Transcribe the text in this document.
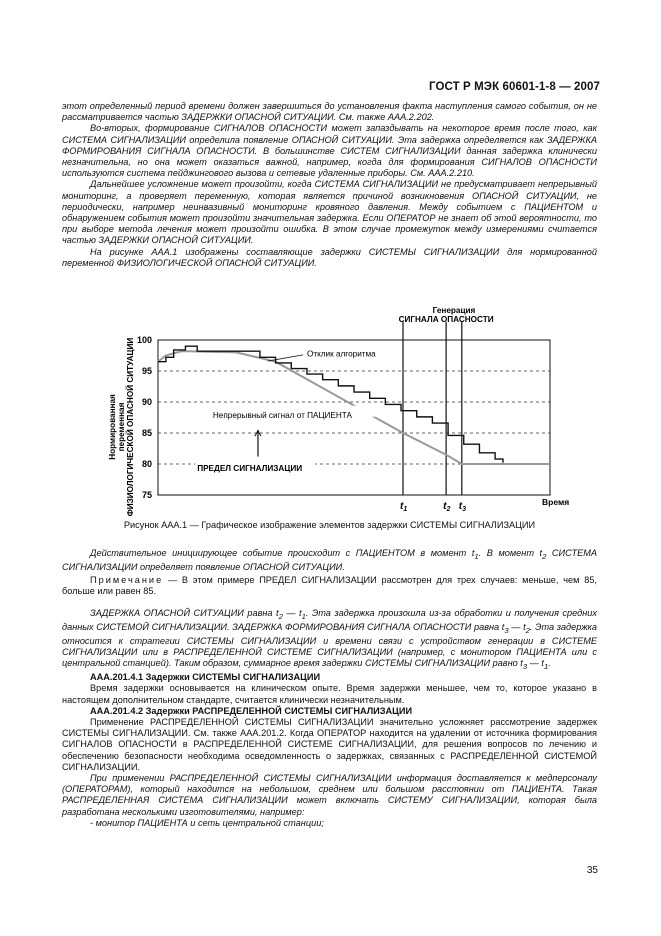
ГОСТ Р МЭК 60601-1-8 — 2007

этот определенный период времени должен завершиться до установления факта наступления самого события, он не рассматривается частью ЗАДЕРЖКИ ОПАСНОЙ СИТУАЦИИ. См. также ААА.2.202.

Во-вторых, формирование СИГНАЛОВ ОПАСНОСТИ может запаздывать на некоторое время после того, как СИСТЕМА СИГНАЛИЗАЦИИ определила появление ОПАСНОЙ СИТУАЦИИ. Эта задержка определяется как ЗАДЕРЖКА ФОРМИРОВАНИЯ СИГНАЛА ОПАСНОСТИ. В большинстве СИСТЕМ СИГНАЛИЗАЦИИ данная задержка клинически незначительна, но она может оказаться важной, например, когда для формирования СИГНАЛОВ ОПАСНОСТИ используются система пейджингового вызова и сетевые удаленные приборы. См. ААА.2.210.

Дальнейшее усложнение может произойти, когда СИСТЕМА СИГНАЛИЗАЦИИ не предусматривает непрерывный мониторинг, а проверяет переменную, которая является причиной возникновения ОПАСНОЙ СИТУАЦИИ, не периодически, например неинвазивный мониторинг кровяного давления. Между событием с ПАЦИЕНТОМ и обнаружением события может произойти значительная задержка. Если ОПЕРАТОР не знает об этой вероятности, то при выборе метода лечения может произойти ошибка. В этом случае промежуток между измерениями считается частью ЗАДЕРЖКИ ОПАСНОЙ СИТУАЦИИ.

На рисунке ААА.1 изображены составляющие задержки СИСТЕМЫ СИГНАЛИЗАЦИИ для нормированной переменной ФИЗИОЛОГИЧЕСКОЙ ОПАСНОЙ СИТУАЦИИ.

Нормированная переменная ФИЗИОЛОГИЧЕСКОЙ ОПАСНОЙ СИТУАЦИИ 75
80
85
90
95
100
$t_1$	$t_2$ $t_3$
Время
Отклик алгоритма
Непрерывный сигнал от ПАЦИЕНТА
ПРЕДЕЛ СИГНАЛИЗАЦИИ
Генерация
СИГНАЛА ОПАСНОСТИ
Рисунок ААА.1 — Графическое изображение элементов задержки СИСТЕМЫ СИГНАЛИЗАЦИИ

Действительное инициирующее событие происходит с ПАЦИЕНТОМ в момент $t_1$. В момент $t_2$ СИСТЕМА СИГНАЛИЗАЦИИ определяет появление ОПАСНОЙ СИТУАЦИИ.

Примечание — В этом примере ПРЕДЕЛ СИГНАЛИЗАЦИИ рассмотрен для трех случаев: меньше, чем 85, больше или равен 85.

ЗАДЕРЖКА ОПАСНОЙ СИТУАЦИИ равна $t_2$ — $t_1$. Эта задержка произошла из-за обработки и получения средних данных СИСТЕМОЙ СИГНАЛИЗАЦИИ. ЗАДЕРЖКА ФОРМИРОВАНИЯ СИГНАЛА ОПАСНОСТИ равна $t_3$ — $t_2$. Эта задержка относится к стратегии СИСТЕМЫ СИГНАЛИЗАЦИИ и времени связи с устройством генерации в СИСТЕМЕ СИГНАЛИЗАЦИИ или в РАСПРЕДЕЛЕННОЙ СИСТЕМЕ СИГНАЛИЗАЦИИ (например, с монитором ПАЦИЕНТА или с центральной станцией). Таким образом, суммарное время задержки СИСТЕМЫ СИГНАЛИЗАЦИИ равно $t_3$ — $t_1$.

ААА.201.4.1 Задержки СИСТЕМЫ СИГНАЛИЗАЦИИ

Время задержки основывается на клиническом опыте. Время задержки меньшее, чем то, которое указано в настоящем дополнительном стандарте, считается клинически незначительным.

ААА.201.4.2 Задержки РАСПРЕДЕЛЕННОЙ СИСТЕМЫ СИГНАЛИЗАЦИИ

Применение РАСПРЕДЕЛЕННОЙ СИСТЕМЫ СИГНАЛИЗАЦИИ значительно усложняет рассмотрение задержек СИСТЕМЫ СИГНАЛИЗАЦИИ. См. также ААА.201.2. Когда ОПЕРАТОР находится на удалении от источника формирования СИГНАЛОВ ОПАСНОСТИ в РАСПРЕДЕЛЕННОЙ СИСТЕМЕ СИГНАЛИЗАЦИИ, для решения вопросов по лечению и обеспечению безопасности необходима осведомленность о задержках, связанных с РАСПРЕДЕЛЕННОЙ СИСТЕМОЙ СИГНАЛИЗАЦИИ.

При применении РАСПРЕДЕЛЕННОЙ СИСТЕМЫ СИГНАЛИЗАЦИИ информация доставляется к медперсоналу (ОПЕРАТОРАМ), который находится на небольшом, среднем или большом расстоянии от ПАЦИЕНТА. Такая РАСПРЕДЕЛЕННАЯ СИСТЕМА СИГНАЛИЗАЦИИ может включать СИСТЕМУ СИГНАЛИЗАЦИИ, которая была разработана несколькими изготовителями, например:

- монитор ПАЦИЕНТА и сеть центральной станции;

35
